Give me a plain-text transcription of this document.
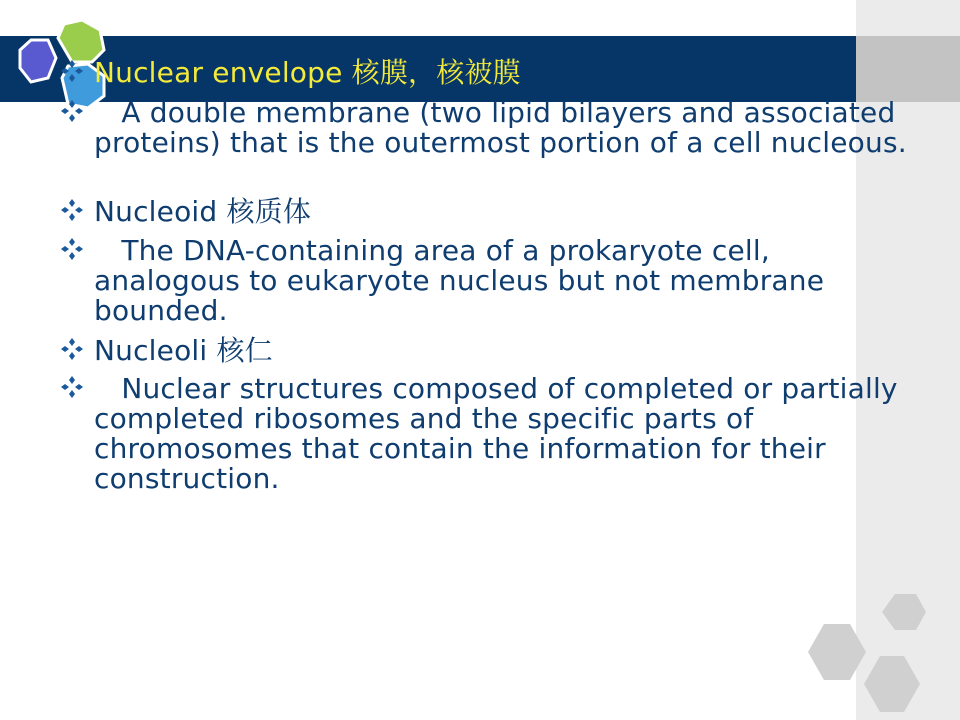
Nuclear envelope 核膜，核被膜
A double membrane (two lipid bilayers and associated proteins) that is the outermost portion of a cell nucleous.
Nucleoid 核质体
The DNA-containing area of a prokaryote cell, analogous to eukaryote nucleus but not membrane bounded.
Nucleoli 核仁
Nuclear structures composed of completed or partially completed ribosomes and the specific parts of chromosomes that contain the information for their construction.
